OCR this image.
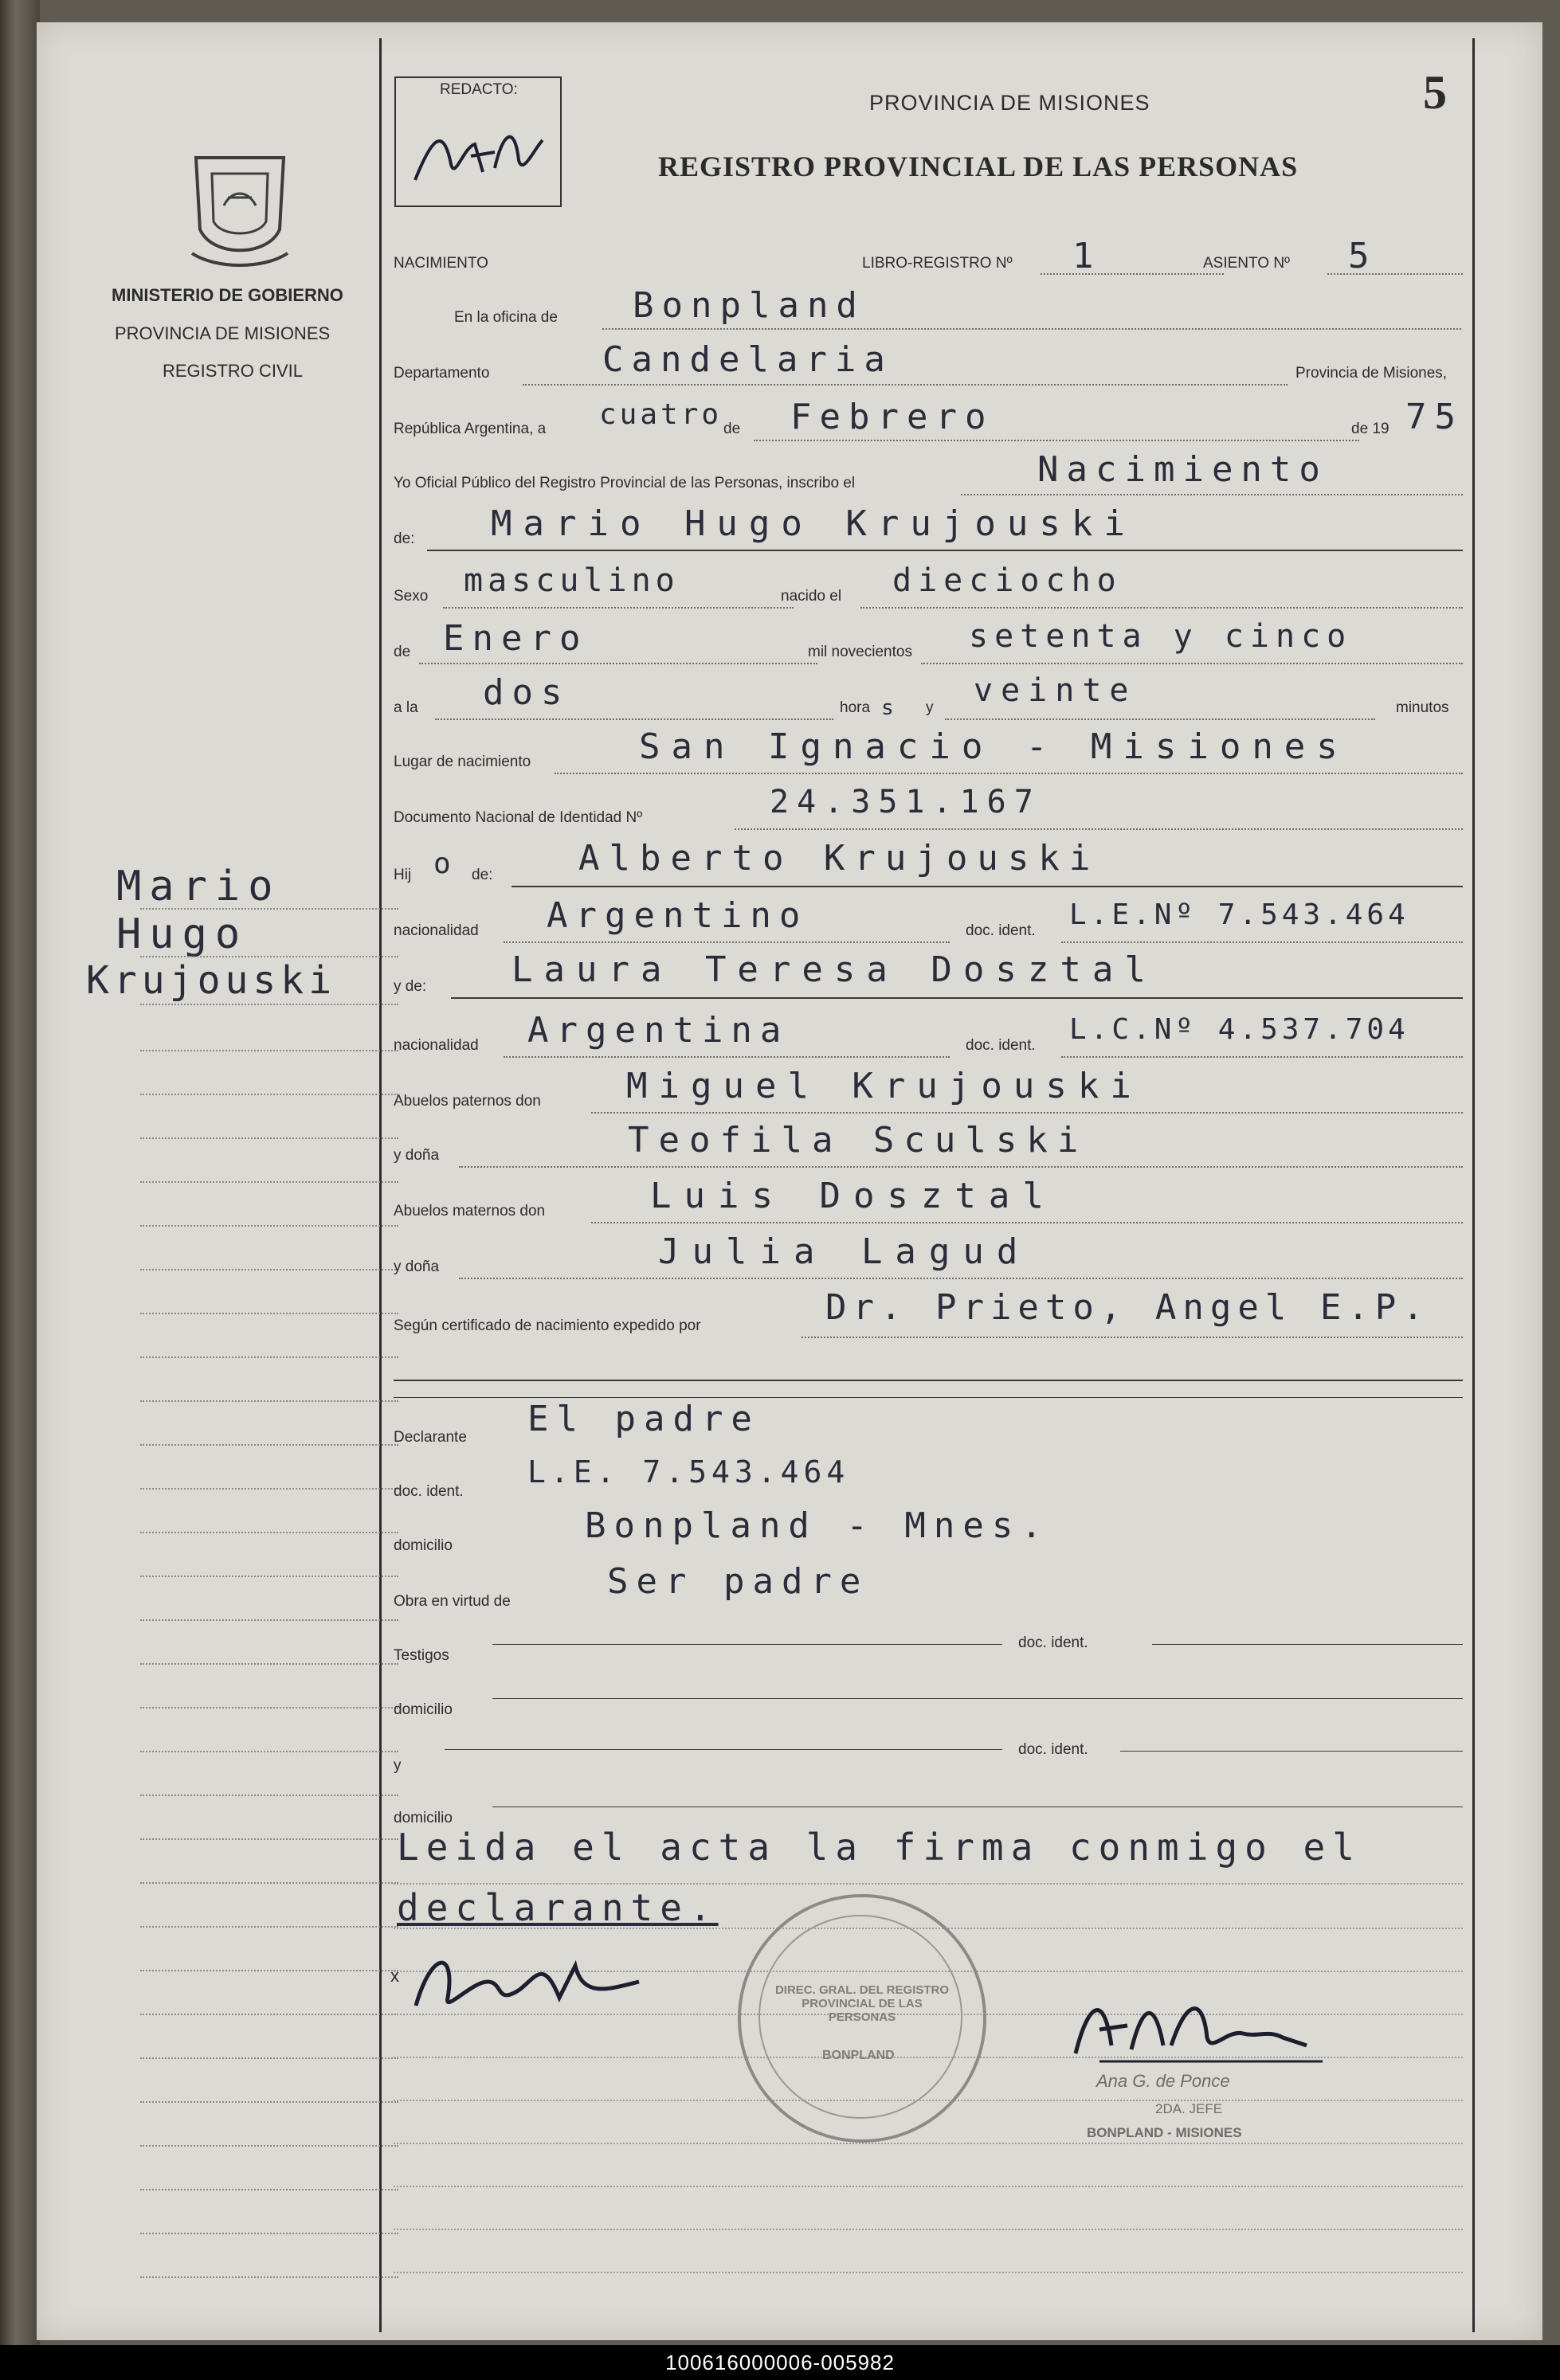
REDACTO:
PROVINCIA DE MISIONES
REGISTRO PROVINCIAL DE LAS PERSONAS
5
MINISTERIO DE GOBIERNO
PROVINCIA DE MISIONES
REGISTRO CIVIL
Mario
Hugo
Krujouski
NACIMIENTO	LIBRO-REGISTRO Nº 1	ASIENTO Nº 5
En la oficina de Bonpland
Departamento	Candelaria	Provincia de Misiones,
República Argentina, a cuatro de Febrero	de 19 75
Yo Oficial Público del Registro Provincial de las Personas, inscribo el	Nacimiento
de: Mario Hugo Krujouski
Sexo masculino	nacido el dieciocho
de Enero	mil novecientos setenta y cinco
a la dos	hora s y veinte	minutos
Lugar de nacimiento	San Ignacio - Misiones
Documento Nacional de Identidad Nº	24.351.167
Hij o de: Alberto Krujouski
nacionalidad Argentino	doc. ident. L.E.Nº 7.543.464
y de: Laura Teresa Dosztal
nacionalidad Argentina	doc. ident. L.C.Nº 4.537.704
Abuelos paternos don Miguel Krujouski
y doña	Teofila Sculski
Abuelos maternos don	Luis Dosztal
y doña	Julia Lagud
Según certificado de nacimiento expedido por	Dr. Prieto, Angel E.P.
Declarante El padre
doc. ident.
L.E. 7.543.464
domicilio	Bonpland - Mnes.
Obra en virtud de	Ser padre
Testigos
doc. ident.
domicilio
y
doc. ident.
domicilio
Leida el acta la firma conmigo el
declarante.
x
DIREC. GRAL. DEL REGISTRO PROVINCIAL DE LAS PERSONAS
BONPLAND
Ana G. de Ponce
2DA. JEFE
BONPLAND - MISIONES
100616000006-005982
